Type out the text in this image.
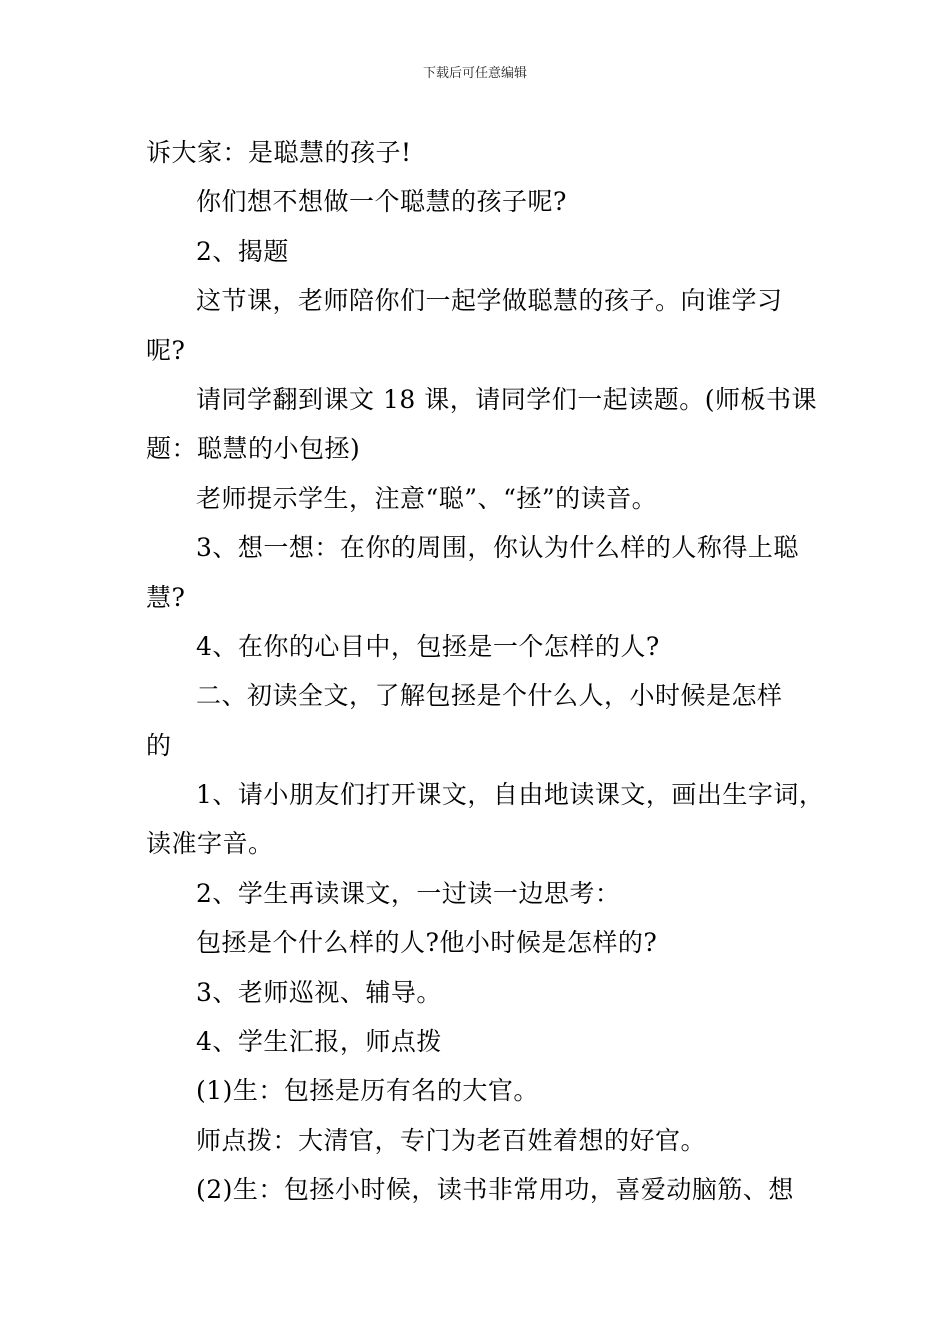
下载后可任意编辑
诉大家：是聪慧的孩子!
你们想不想做一个聪慧的孩子呢?
2、揭题
这节课，老师陪你们一起学做聪慧的孩子。向谁学习
呢?
请同学翻到课文 18 课，请同学们一起读题。(师板书课
题：聪慧的小包拯)
老师提示学生，注意“聪”、“拯”的读音。
3、想一想：在你的周围，你认为什么样的人称得上聪
慧?
4、在你的心目中，包拯是一个怎样的人?
二、初读全文，了解包拯是个什么人，小时候是怎样
的
1、请小朋友们打开课文，自由地读课文，画出生字词，
读准字音。
2、学生再读课文，一过读一边思考：
包拯是个什么样的人?他小时候是怎样的?
3、老师巡视、辅导。
4、学生汇报，师点拨
(1)生：包拯是历有名的大官。
师点拨：大清官，专门为老百姓着想的好官。
(2)生：包拯小时候，读书非常用功，喜爱动脑筋、想
